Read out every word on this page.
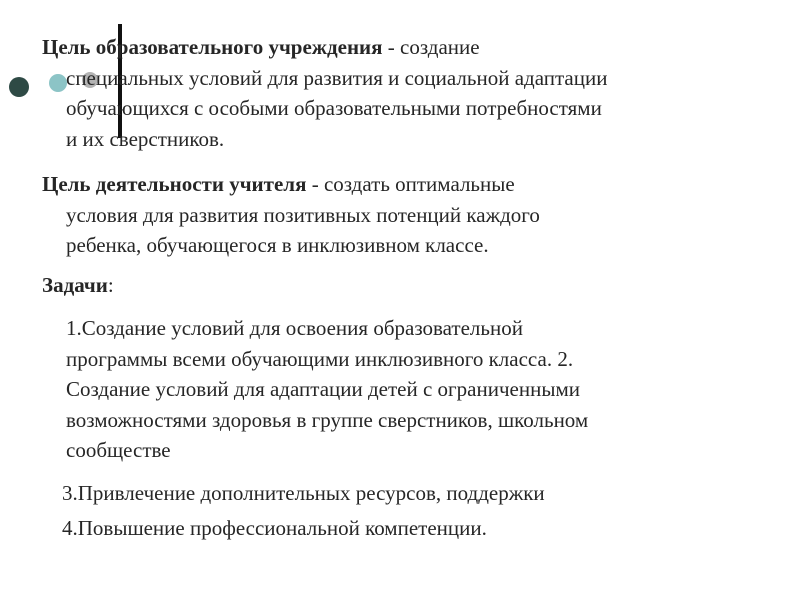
Цель образовательного учреждения - создание
специальных условий для развития и социальной адаптации
обучающихся с особыми образовательными потребностями
и их сверстников.
Цель деятельности учителя - создать оптимальные
условия для развития позитивных потенций каждого
ребенка, обучающегося в инклюзивном классе.
Задачи:
1.Создание условий для освоения образовательной
программы всеми обучающими инклюзивного класса. 2.
Создание условий для адаптации детей с ограниченными
возможностями здоровья в группе сверстников, школьном
сообществе
3.Привлечение дополнительных ресурсов, поддержки
4.Повышение профессиональной компетенции.
